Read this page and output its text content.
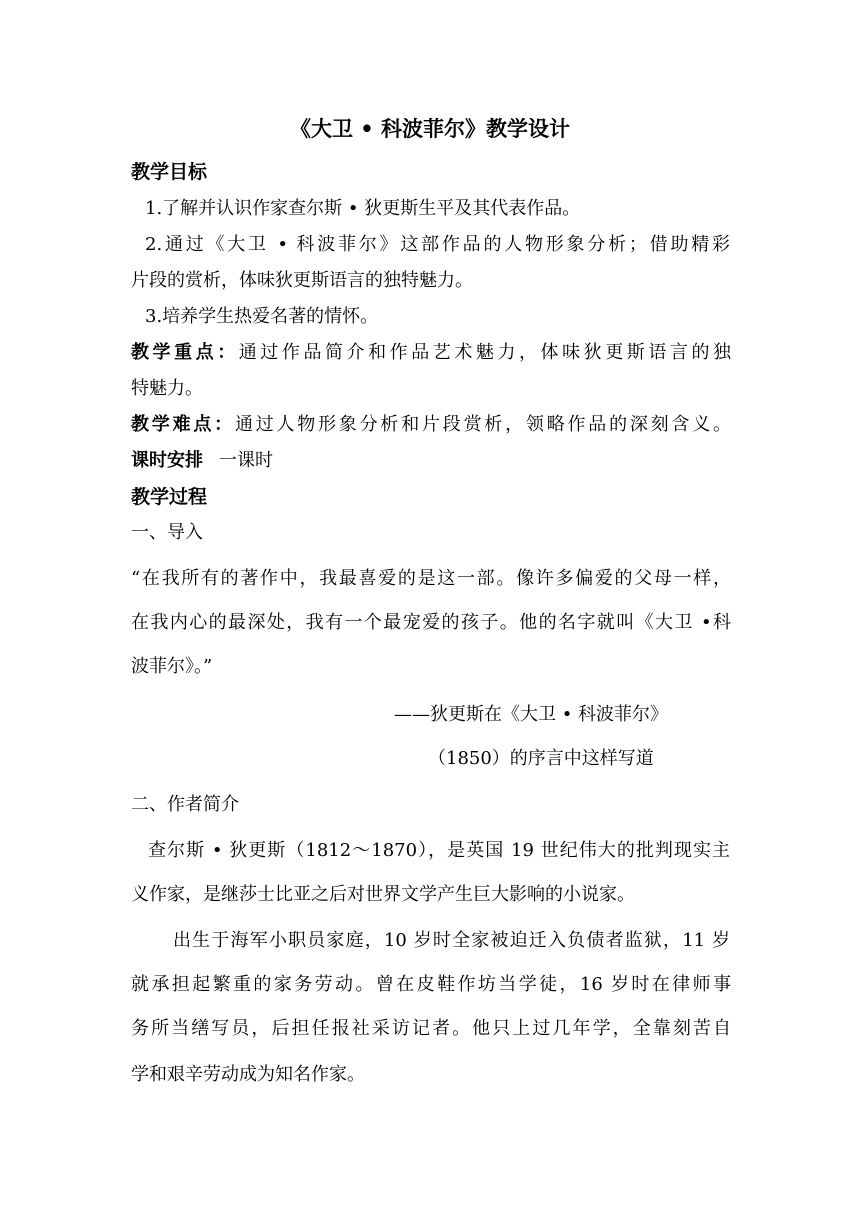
《大卫 • 科波菲尔》教学设计
教学目标
1.了解并认识作家查尔斯 • 狄更斯生平及其代表作品。
2.通过《大卫 • 科波菲尔》这部作品的人物形象分析；借助精彩
片段的赏析，体味狄更斯语言的独特魅力。
3.培养学生热爱名著的情怀。
教学重点：通过作品简介和作品艺术魅力，体味狄更斯语言的独
特魅力。
教学难点：通过人物形象分析和片段赏析，领略作品的深刻含义。
课时安排 一课时
教学过程
一、导入
“在我所有的著作中，我最喜爱的是这一部。像许多偏爱的父母一样，
在我内心的最深处，我有一个最宠爱的孩子。他的名字就叫《大卫 •科
波菲尔》。”
——狄更斯在《大卫 • 科波菲尔》
（1850）的序言中这样写道
二、作者简介
查尔斯 • 狄更斯（1812～1870），是英国 19 世纪伟大的批判现实主
义作家，是继莎士比亚之后对世界文学产生巨大影响的小说家。
出生于海军小职员家庭，10 岁时全家被迫迁入负债者监狱，11 岁
就承担起繁重的家务劳动。曾在皮鞋作坊当学徒，16 岁时在律师事
务所当缮写员，后担任报社采访记者。他只上过几年学，全靠刻苦自
学和艰辛劳动成为知名作家。
